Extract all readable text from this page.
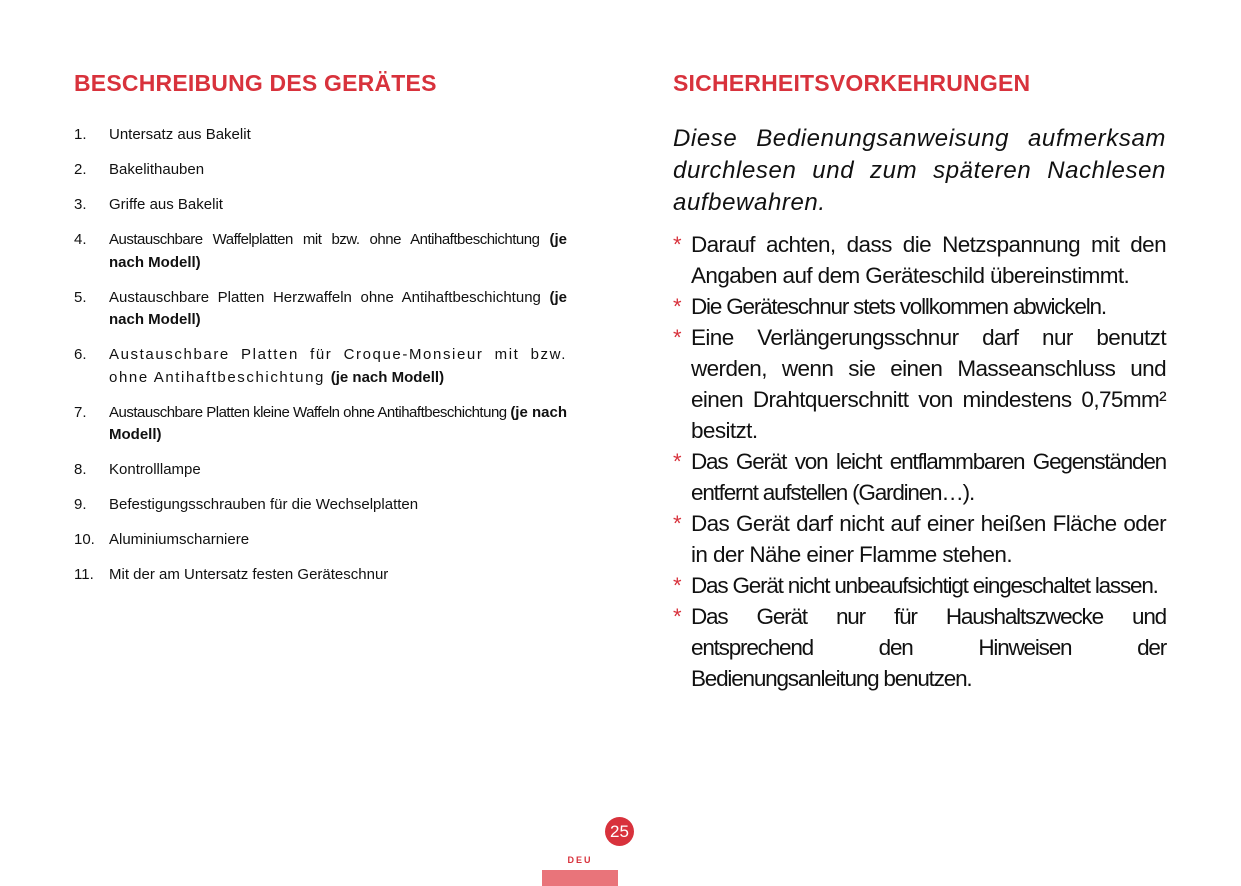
BESCHREIBUNG DES GERÄTES
1. Untersatz aus Bakelit
2. Bakelithauben
3. Griffe aus Bakelit
4. Austauschbare Waffelplatten mit bzw. ohne Antihaftbeschichtung (je nach Modell)
5. Austauschbare Platten Herzwaffeln ohne Antihaftbeschichtung (je nach Modell)
6. Austauschbare Platten für Croque-Monsieur mit bzw. ohne Antihaftbeschichtung (je nach Modell)
7. Austauschbare Platten kleine Waffeln ohne Antihaftbeschichtung (je nach Modell)
8. Kontrolllampe
9. Befestigungsschrauben für die Wechselplatten
10. Aluminiumscharniere
11. Mit der am Untersatz festen Geräteschnur
SICHERHEITSVORKEHRUNGEN

Diese Bedienungsanweisung aufmerksam durchlesen und zum späteren Nachlesen aufbewahren.

* Darauf achten, dass die Netzspannung mit den Angaben auf dem Geräteschild übereinstimmt.
* Die Geräteschnur stets vollkommen abwickeln.
* Eine Verlängerungsschnur darf nur benutzt werden, wenn sie einen Masseanschluss und einen Drahtquerschnitt von mindestens 0,75mm² besitzt.
* Das Gerät von leicht entflammbaren Gegenständen entfernt aufstellen (Gardinen…).
* Das Gerät darf nicht auf einer heißen Fläche oder in der Nähe einer Flamme stehen.
* Das Gerät nicht unbeaufsichtigt eingeschaltet lassen.
* Das Gerät nur für Haushaltszwecke und entsprechend den Hinweisen der Bedienungsanleitung benutzen.
25
DEU
